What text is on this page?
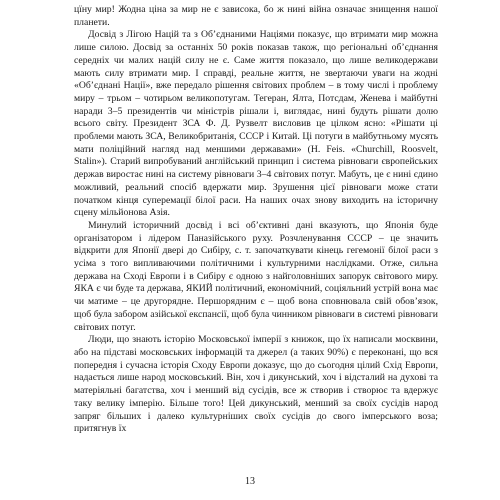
цїну мир! Жодна ціна за мир не є зависока, бо ж нині війна означає знищення нашої планети.

Досвід з Лігою Націй та з Об’єднаними Націями показує, що втримати мир можна лише силою. Досвід за останніх 50 років показав також, що регіональні об’єднання середніх чи малих націй силу не є. Саме життя показало, що лише великодержави мають силу втримати мир. І справді, реальне життя, не звертаючи уваги на жодні «Об’єднані Нації», вже передало рішення світових проблем – в тому числі і проблему миру – трьом – чотирьом великопотугам. Тегеран, Ялта, Потсдам, Женева і майбутні наради 3–5 президентів чи міністрів рішали і, виглядає, нині будуть рішати долю всього світу. Президент ЗСА Ф. Д. Рузвелт висловив це цілком ясно: «Рішати ці проблеми мають ЗСА, Великобританія, СССР і Китай. Ці потуги в майбутньому мусять мати поліційний нагляд над меншими державами» (H. Feis. «Churchill, Roosvelt, Stalin»). Старий випробуваний англійський принцип і система рівноваги європейських держав виростає нині на систему рівноваги 3–4 світових потуг. Мабуть, це є нині єдино можливий, реальний спосіб вдержати мир. Зрушення цієї рівноваги може стати початком кінця суперемації білої раси. На наших очах знову виходить на історичну сцену мільйонова Азія.

Минулий історичний досвід і всі об’єктивні дані вказують, що Японія буде організатором і лідером Паназійського руху. Розчленування СССР – це значить відкрити для Японії двері до Сибіру, с. т. започаткувати кінець гегемонії білої раси з усіма з того випливаючими політичними і культурними наслідками. Отже, сильна держава на Сході Европи і в Сибіру є одною з найголовніших запорук світового миру. ЯКА є чи буде та держава, ЯКИЙ політичний, економічний, соціяльний устрій вона має чи матиме – це другорядне. Першорядним є – щоб вона сповнювала свій обов’язок, щоб була забором азійської експансії, щоб була чинником рівноваги в системі рівноваги світових потуг.

Люди, що знають історію Московської імперії з книжок, що їх написали москвини, або на підставі московських інформацій та джерел (а таких 90%) є переконані, що вся попередня і сучасна історія Сходу Европи доказує, що до сьогодня цілий Схід Европи, надається лише народ московський. Він, хоч і дикунський, хоч і відсталий на духові та матеріяльні багатства, хоч і менший від сусідів, все ж створив і створює та вдержує таку велику імперію. Більше того! Цей дикунський, менший за своїх сусідів народ запряг більших і далеко культурніших своїх сусідів до свого імперського воза; притягнув їх

13
